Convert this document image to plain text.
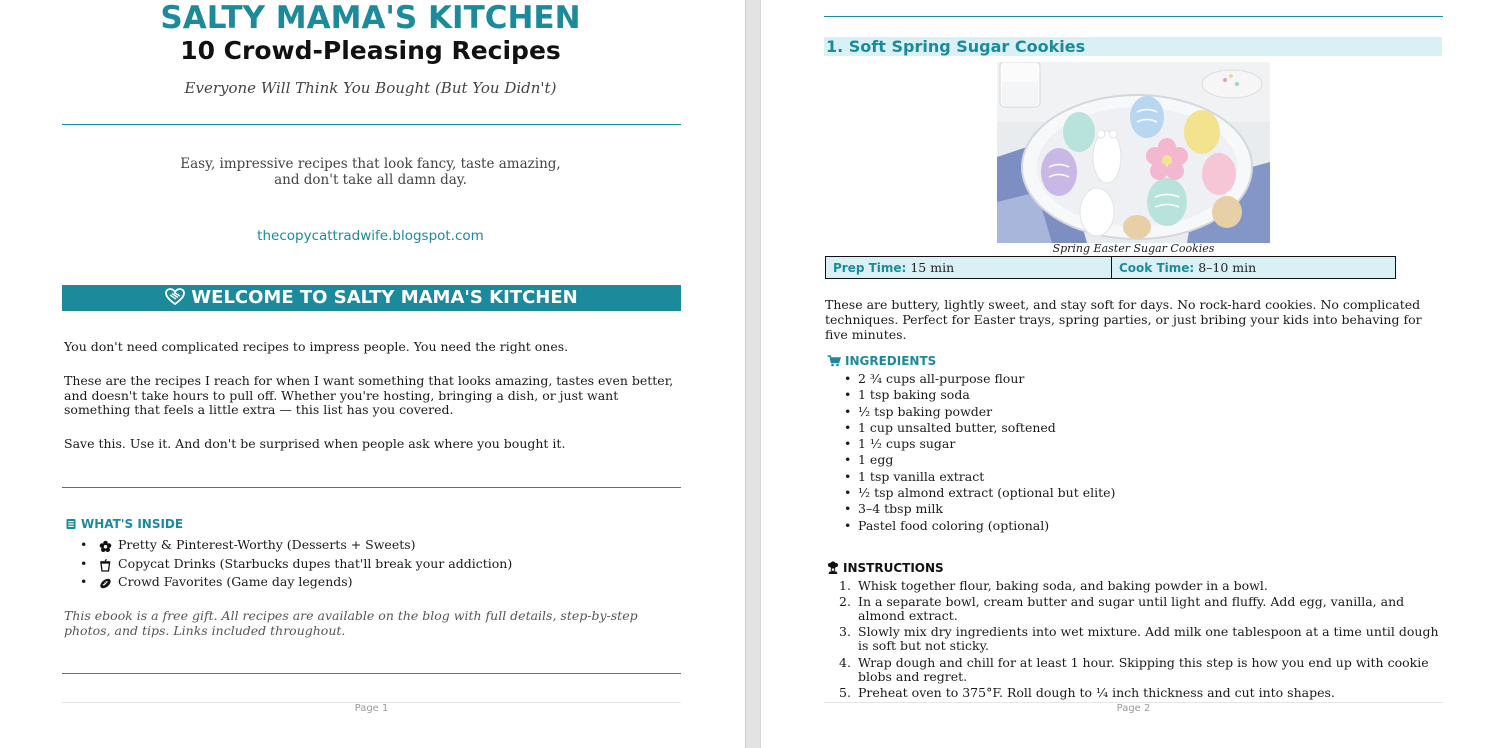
SALTY MAMA'S KITCHEN
10 Crowd-Pleasing Recipes
Everyone Will Think You Bought (But You Didn't)
Easy, impressive recipes that look fancy, taste amazing,
and don't take all damn day.
thecopycattradwife.blogspot.com
WELCOME TO SALTY MAMA'S KITCHEN
You don't need complicated recipes to impress people. You need the right ones.
These are the recipes I reach for when I want something that looks amazing, tastes even better, and doesn't take hours to pull off. Whether you're hosting, bringing a dish, or just want something that feels a little extra — this list has you covered.
Save this. Use it. And don't be surprised when people ask where you bought it.
WHAT'S INSIDE
• Pretty & Pinterest-Worthy (Desserts + Sweets)
• Copycat Drinks (Starbucks dupes that'll break your addiction)
• Crowd Favorites (Game day legends)
This ebook is a free gift. All recipes are available on the blog with full details, step-by-step photos, and tips. Links included throughout.
Page 1
1. Soft Spring Sugar Cookies
Spring Easter Sugar Cookies
Prep Time: 15 min	Cook Time: 8–10 min
These are buttery, lightly sweet, and stay soft for days. No rock-hard cookies. No complicated techniques. Perfect for Easter trays, spring parties, or just bribing your kids into behaving for five minutes.
INGREDIENTS
• 2 ¾ cups all-purpose flour
• 1 tsp baking soda
• ½ tsp baking powder
• 1 cup unsalted butter, softened
• 1 ½ cups sugar
• 1 egg
• 1 tsp vanilla extract
• ½ tsp almond extract (optional but elite)
• 3–4 tbsp milk
• Pastel food coloring (optional)
INSTRUCTIONS
1. Whisk together flour, baking soda, and baking powder in a bowl.
2. In a separate bowl, cream butter and sugar until light and fluffy. Add egg, vanilla, and almond extract.
3. Slowly mix dry ingredients into wet mixture. Add milk one tablespoon at a time until dough is soft but not sticky.
4. Wrap dough and chill for at least 1 hour. Skipping this step is how you end up with cookie blobs and regret.
5. Preheat oven to 375°F. Roll dough to ¼ inch thickness and cut into shapes.
Page 2
